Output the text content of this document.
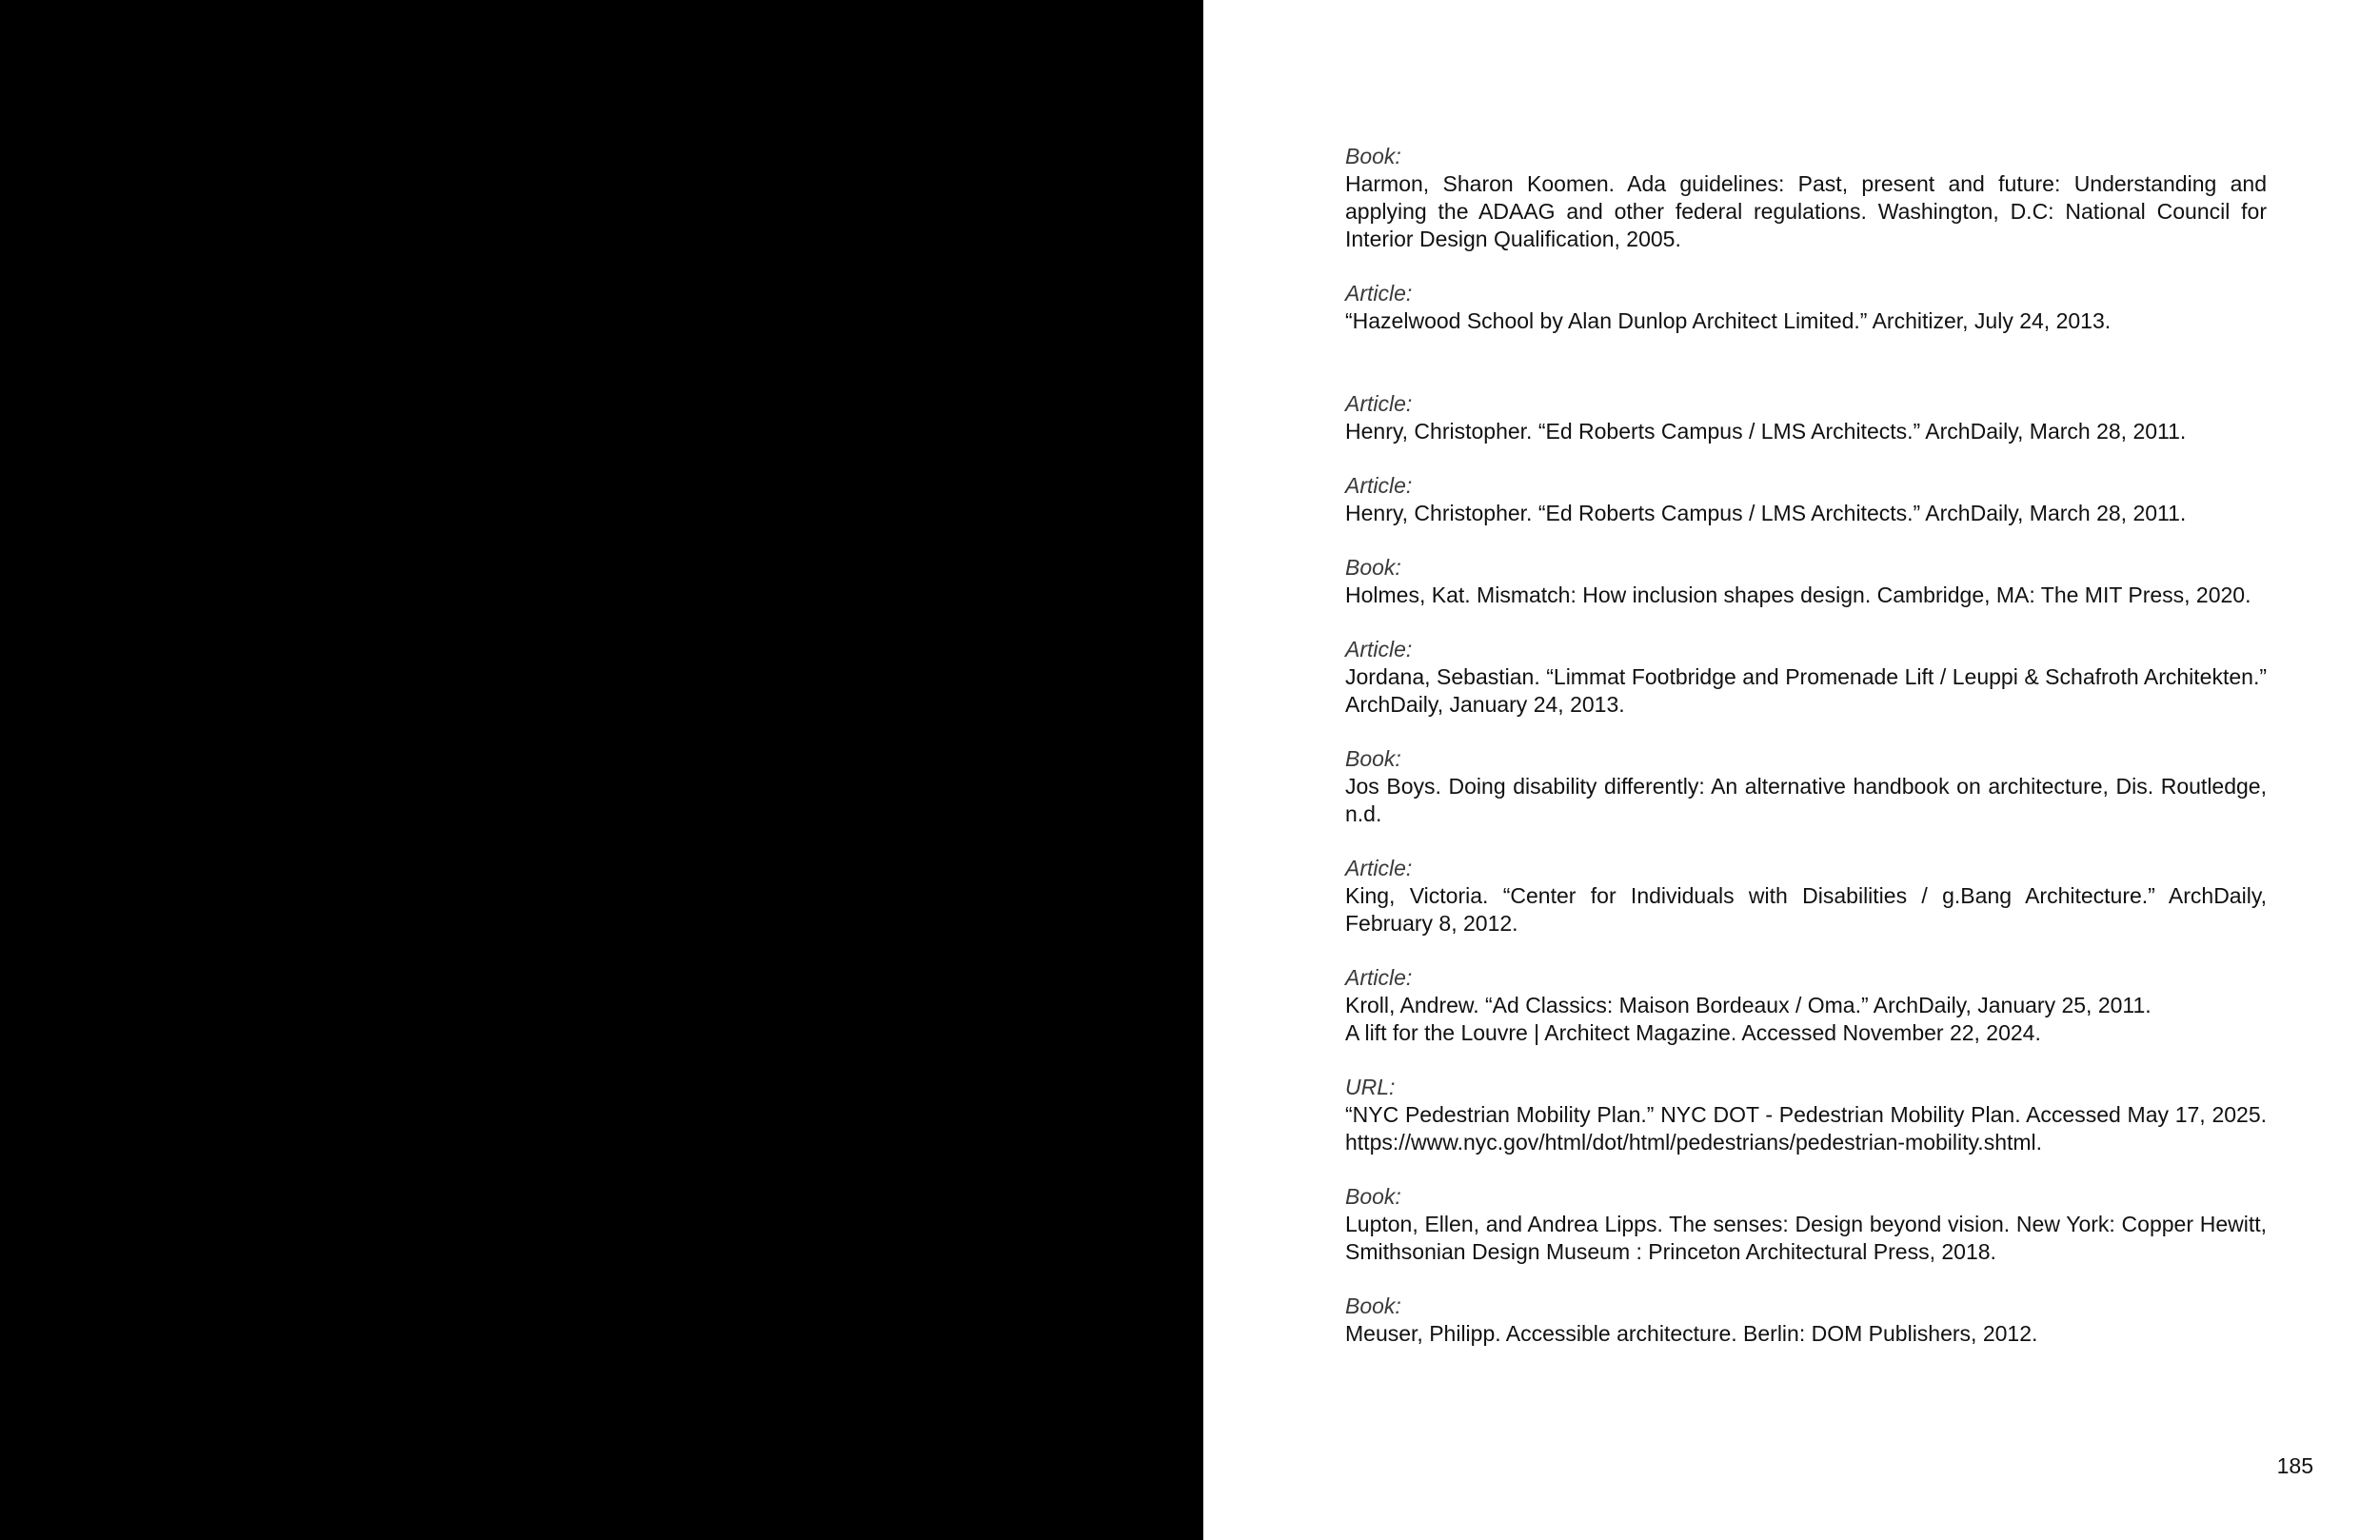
Book:
Harmon, Sharon Koomen. Ada guidelines: Past, present and future: Understanding and applying the ADAAG and other federal regulations. Washington, D.C: National Council for Interior Design Qualification, 2005.
Article:
“Hazelwood School by Alan Dunlop Architect Limited.” Architizer, July 24, 2013.
Article:
Henry, Christopher. “Ed Roberts Campus / LMS Architects.” ArchDaily, March 28, 2011.
Article:
Henry, Christopher. “Ed Roberts Campus / LMS Architects.” ArchDaily, March 28, 2011.
Book:
Holmes, Kat. Mismatch: How inclusion shapes design. Cambridge, MA: The MIT Press, 2020.
Article:
Jordana, Sebastian. “Limmat Footbridge and Promenade Lift / Leuppi & Schafroth Architekten.” ArchDaily, January 24, 2013.
Book:
Jos Boys. Doing disability differently: An alternative handbook on architecture, Dis. Routledge, n.d.
Article:
King, Victoria. “Center for Individuals with Disabilities / g.Bang Architecture.” ArchDaily, February 8, 2012.
Article:
Kroll, Andrew. “Ad Classics: Maison Bordeaux / Oma.” ArchDaily, January 25, 2011.
A lift for the Louvre | Architect Magazine. Accessed November 22, 2024.
URL:
“NYC Pedestrian Mobility Plan.” NYC DOT - Pedestrian Mobility Plan. Accessed May 17, 2025. https://www.nyc.gov/html/dot/html/pedestrians/pedestrian-mobility.shtml.
Book:
Lupton, Ellen, and Andrea Lipps. The senses: Design beyond vision. New York: Copper Hewitt, Smithsonian Design Museum : Princeton Architectural Press, 2018.
Book:
Meuser, Philipp. Accessible architecture. Berlin: DOM Publishers, 2012.
185
